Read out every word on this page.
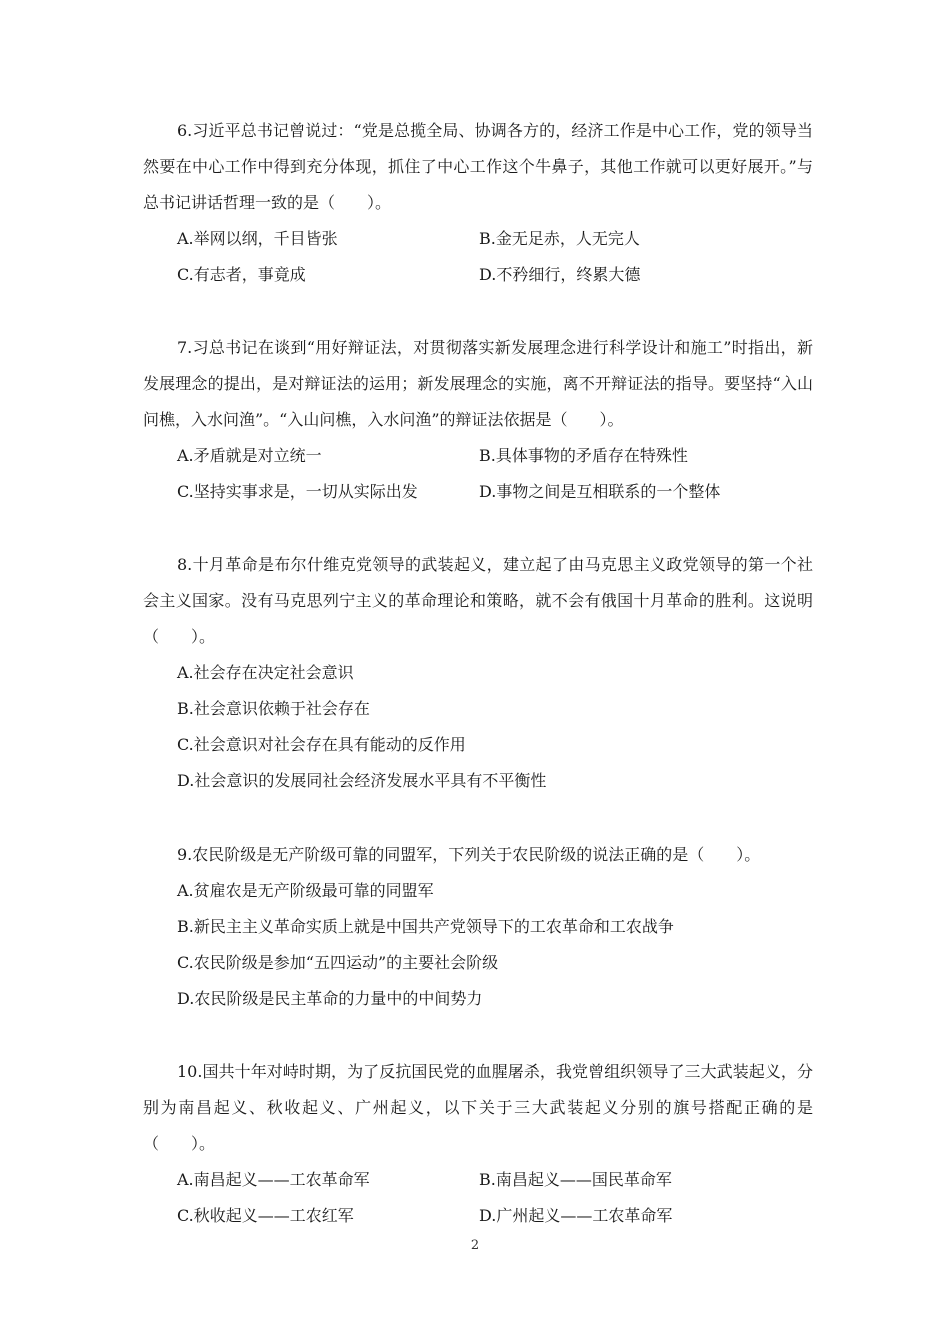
6.习近平总书记曾说过：“党是总揽全局、协调各方的，经济工作是中心工作，党的领导当然要在中心工作中得到充分体现，抓住了中心工作这个牛鼻子，其他工作就可以更好展开。”与总书记讲话哲理一致的是（　　）。

A.举网以纲，千目皆张	B.金无足赤，人无完人
C.有志者，事竟成	D.不矜细行，终累大德

7.习总书记在谈到“用好辩证法，对贯彻落实新发展理念进行科学设计和施工”时指出，新发展理念的提出，是对辩证法的运用；新发展理念的实施，离不开辩证法的指导。要坚持“入山问樵，入水问渔”。“入山问樵，入水问渔”的辩证法依据是（　　）。

A.矛盾就是对立统一	B.具体事物的矛盾存在特殊性
C.坚持实事求是，一切从实际出发	D.事物之间是互相联系的一个整体

8.十月革命是布尔什维克党领导的武装起义，建立起了由马克思主义政党领导的第一个社会主义国家。没有马克思列宁主义的革命理论和策略，就不会有俄国十月革命的胜利。这说明（　　）。

A.社会存在决定社会意识
B.社会意识依赖于社会存在
C.社会意识对社会存在具有能动的反作用
D.社会意识的发展同社会经济发展水平具有不平衡性

9.农民阶级是无产阶级可靠的同盟军，下列关于农民阶级的说法正确的是（　　）。

A.贫雇农是无产阶级最可靠的同盟军
B.新民主主义革命实质上就是中国共产党领导下的工农革命和工农战争
C.农民阶级是参加“五四运动”的主要社会阶级
D.农民阶级是民主革命的力量中的中间势力

10.国共十年对峙时期，为了反抗国民党的血腥屠杀，我党曾组织领导了三大武装起义，分别为南昌起义、秋收起义、广州起义，以下关于三大武装起义分别的旗号搭配正确的是（　　）。

A.南昌起义——工农革命军	B.南昌起义——国民革命军
C.秋收起义——工农红军	D.广州起义——工农革命军
2
